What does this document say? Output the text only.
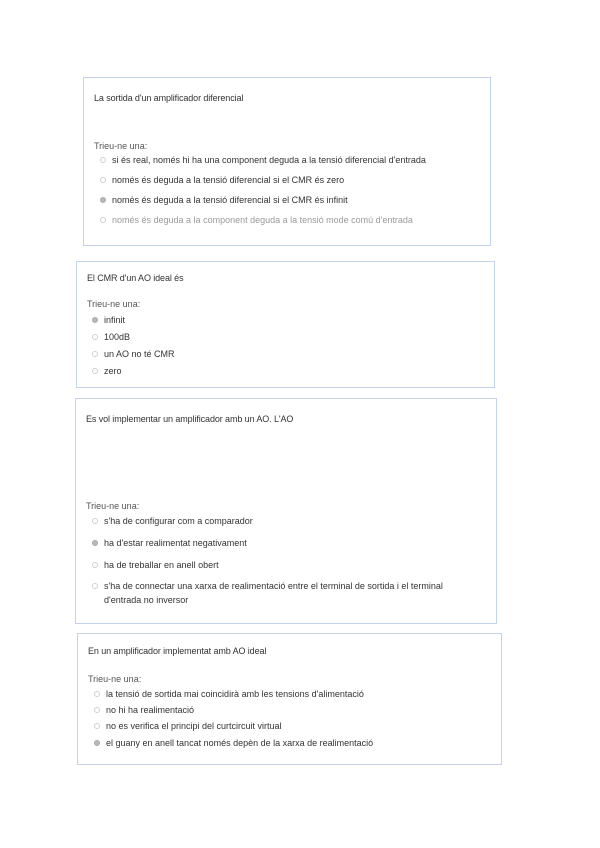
La sortida d'un amplificador diferencial
Trieu-ne una:
si és real, només hi ha una component deguda a la tensió diferencial d'entrada
només és deguda a la tensió diferencial si el CMR és zero
només és deguda a la tensió diferencial si el CMR és infinit
només és deguda a la component deguda a la tensió mode comú d'entrada
El CMR d'un AO ideal és
Trieu-ne una:
infinit
100dB
un AO no té CMR
zero
Es vol implementar un amplificador amb un AO. L'AO
Trieu-ne una:
s'ha de configurar com a comparador
ha d'estar realimentat negativament
ha de treballar en anell obert
s'ha de connectar una xarxa de realimentació entre el terminal de sortida i el terminal d'entrada no inversor
En un amplificador implementat amb AO ideal
Trieu-ne una:
la tensió de sortida mai coincidirà amb les tensions d'alimentació
no hi ha realimentació
no es verifica el principi del curtcircuit virtual
el guany en anell tancat només depèn de la xarxa de realimentació
